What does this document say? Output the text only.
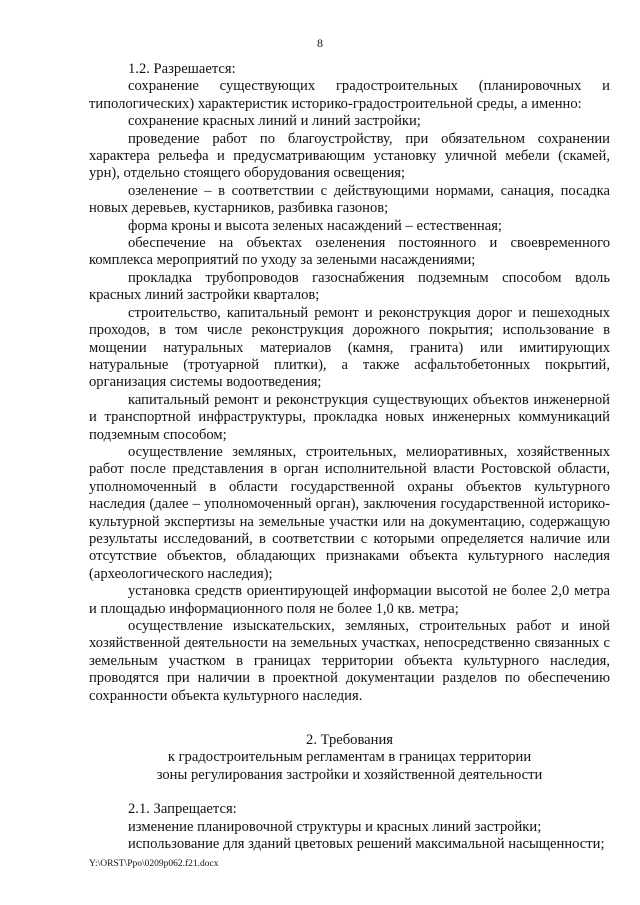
8

1.2. Разрешается:

сохранение существующих градостроительных (планировочных и типологических) характеристик историко-градостроительной среды, а именно:

сохранение красных линий и линий застройки;

проведение работ по благоустройству, при обязательном сохранении характера рельефа и предусматривающим установку уличной мебели (скамей, урн), отдельно стоящего оборудования освещения;

озеленение – в соответствии с действующими нормами, санация, посадка новых деревьев, кустарников, разбивка газонов;

форма кроны и высота зеленых насаждений – естественная;

обеспечение на объектах озеленения постоянного и своевременного комплекса мероприятий по уходу за зелеными насаждениями;

прокладка трубопроводов газоснабжения подземным способом вдоль красных линий застройки кварталов;

строительство, капитальный ремонт и реконструкция дорог и пешеходных проходов, в том числе реконструкция дорожного покрытия; использование в мощении натуральных материалов (камня, гранита) или имитирующих натуральные (тротуарной плитки), а также асфальтобетонных покрытий, организация системы водоотведения;

капитальный ремонт и реконструкция существующих объектов инженерной и транспортной инфраструктуры, прокладка новых инженерных коммуникаций подземным способом;

осуществление земляных, строительных, мелиоративных, хозяйственных работ после представления в орган исполнительной власти Ростовской области, уполномоченный в области государственной охраны объектов культурного наследия (далее – уполномоченный орган), заключения государственной историко-культурной экспертизы на земельные участки или на документацию, содержащую результаты исследований, в соответствии с которыми определяется наличие или отсутствие объектов, обладающих признаками объекта культурного наследия (археологического наследия);

установка средств ориентирующей информации высотой не более 2,0 метра и площадью информационного поля не более 1,0 кв. метра;

осуществление изыскательских, земляных, строительных работ и иной хозяйственной деятельности на земельных участках, непосредственно связанных с земельным участком в границах территории объекта культурного наследия, проводятся при наличии в проектной документации разделов по обеспечению сохранности объекта культурного наследия.

2. Требования

к градостроительным регламентам в границах территории

зоны регулирования застройки и хозяйственной деятельности

2.1. Запрещается:

изменение планировочной структуры и красных линий застройки;

использование для зданий цветовых решений максимальной насыщенности;

Y:\ORST\Ppo\0209p062.f21.docx
